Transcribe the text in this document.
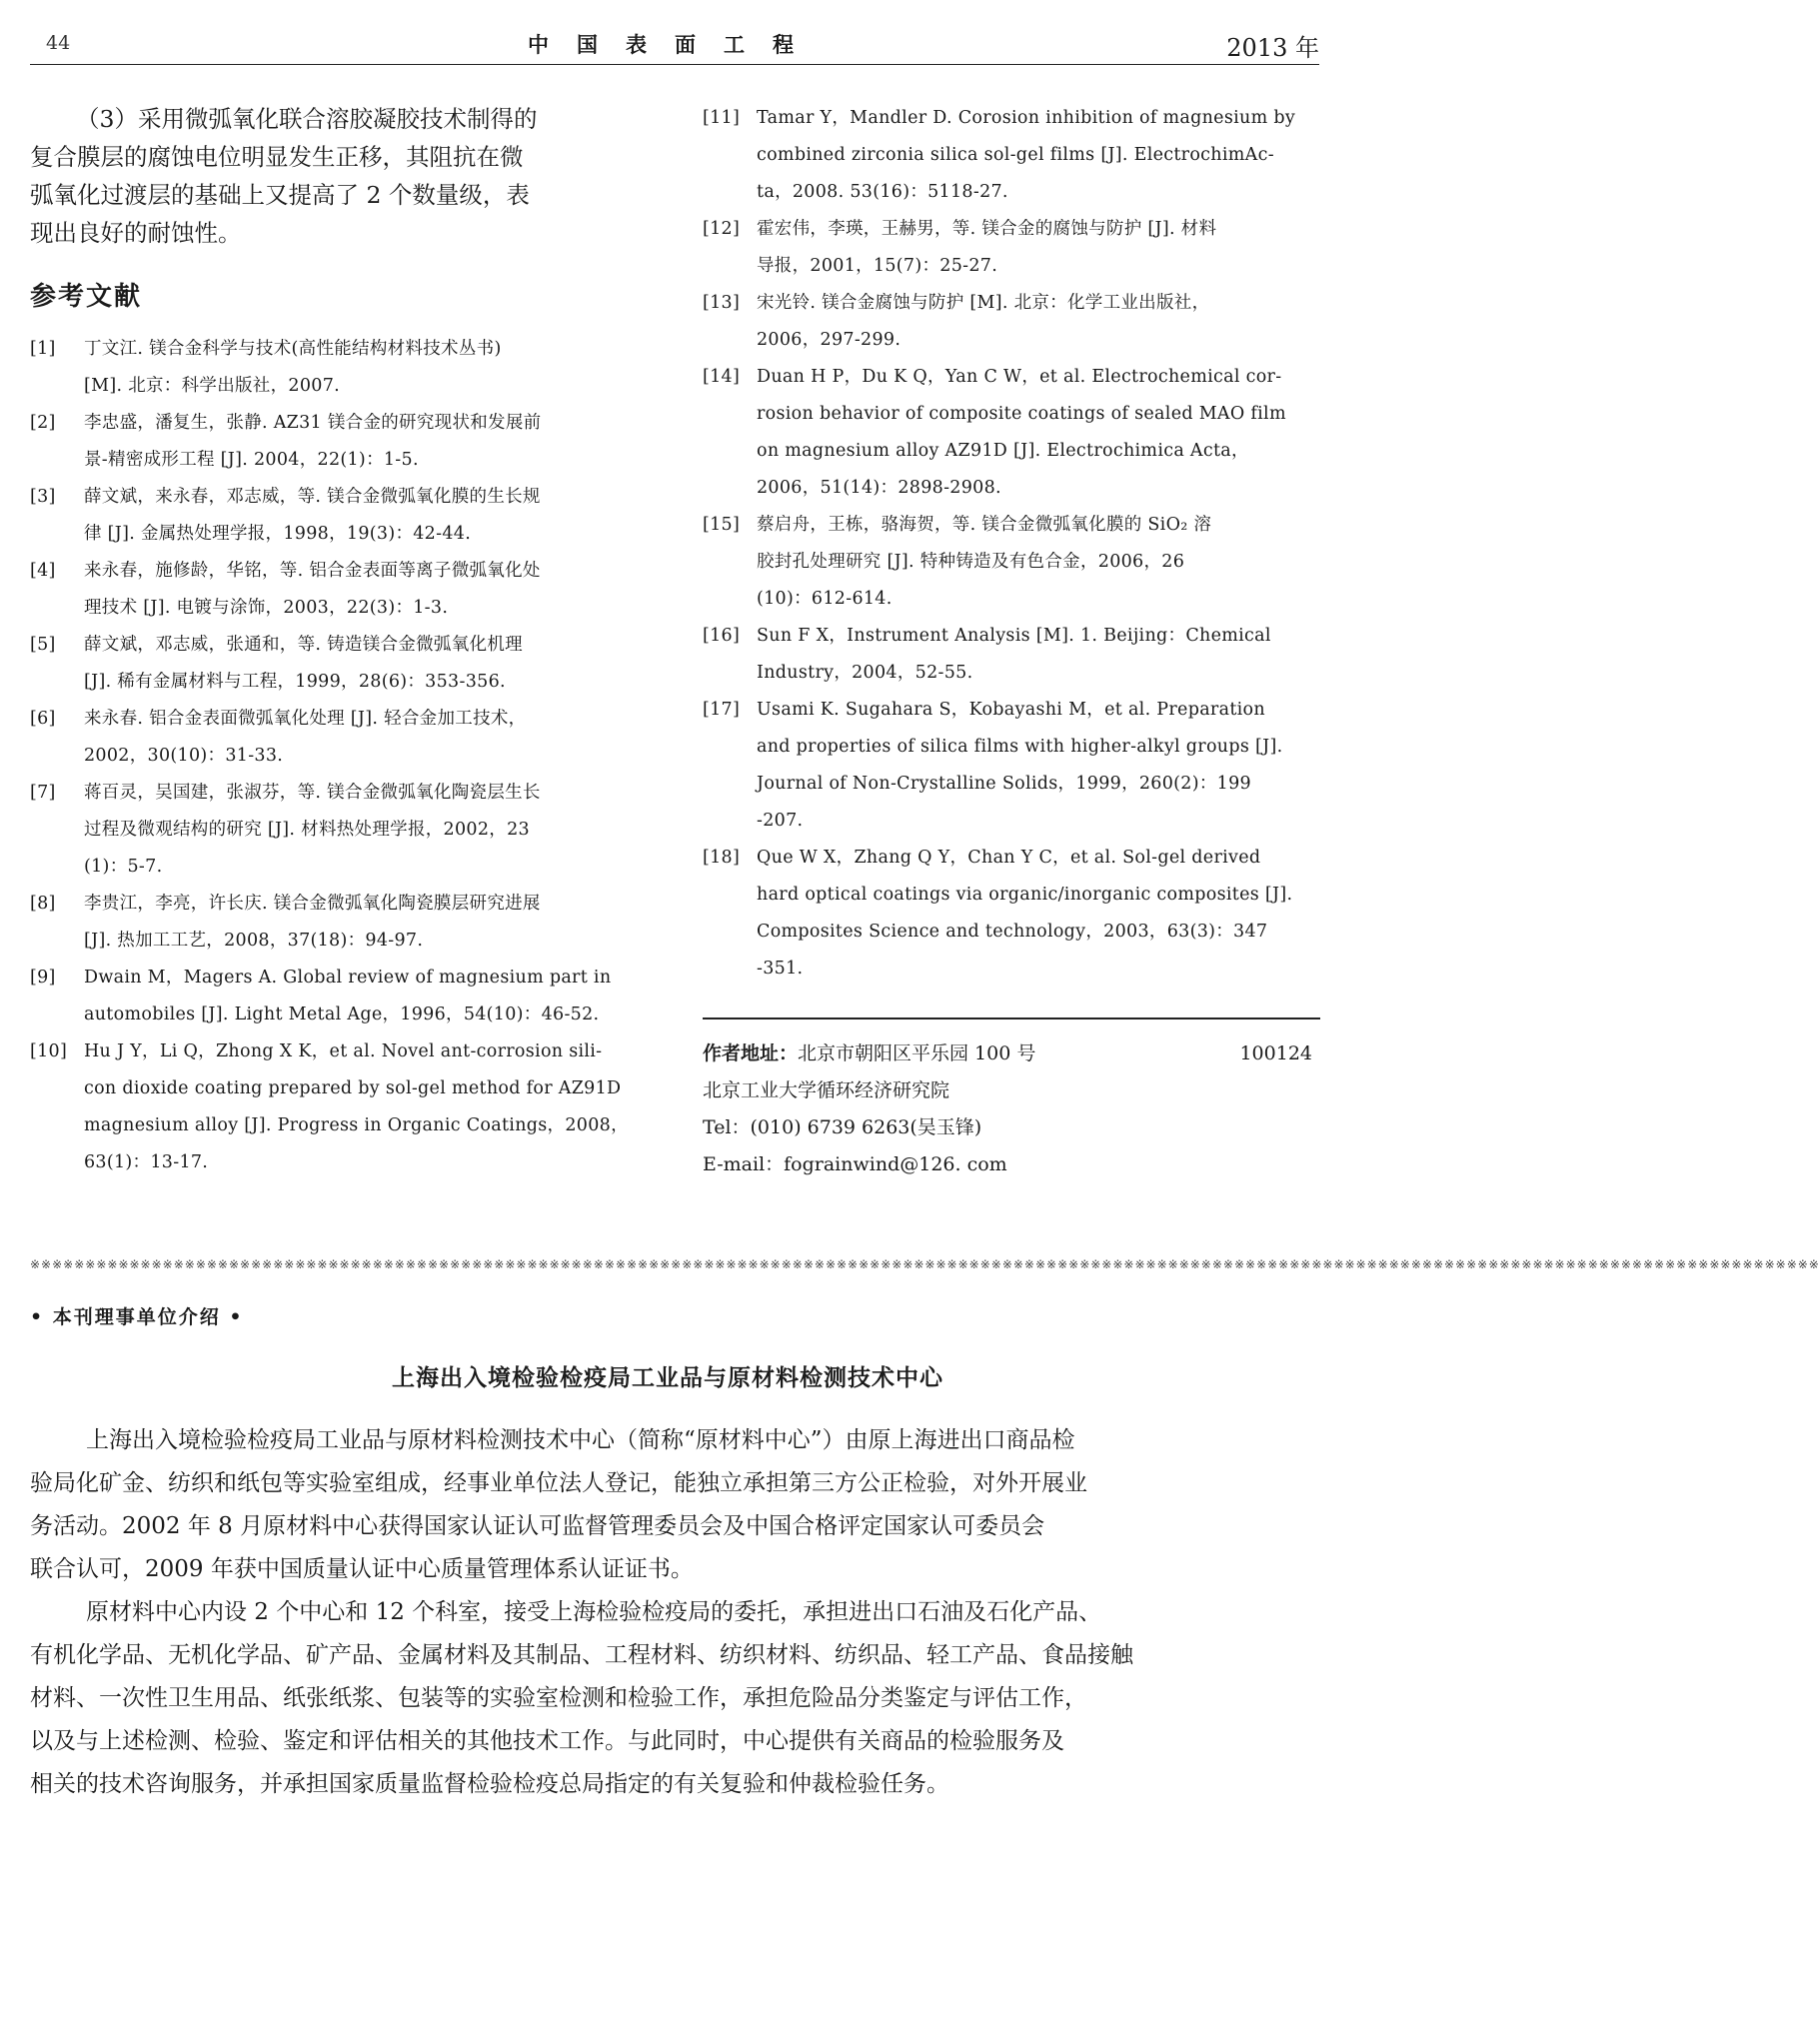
44	中国表面工程	2013 年
（3）采用微弧氧化联合溶胶凝胶技术制得的
复合膜层的腐蚀电位明显发生正移，其阻抗在微
弧氧化过渡层的基础上又提高了 2 个数量级，表
现出良好的耐蚀性。
参考文献
[1] 丁文江. 镁合金科学与技术(高性能结构材料技术丛书)
[M]. 北京：科学出版社，2007.
[2] 李忠盛，潘复生，张静. AZ31 镁合金的研究现状和发展前
景-精密成形工程 [J]. 2004，22(1)：1-5.
[3] 薛文斌，来永春，邓志威，等. 镁合金微弧氧化膜的生长规
律 [J]. 金属热处理学报，1998，19(3)：42-44.
[4] 来永春，施修龄，华铭，等. 铝合金表面等离子微弧氧化处
理技术 [J]. 电镀与涂饰，2003，22(3)：1-3.
[5] 薛文斌，邓志威，张通和，等. 铸造镁合金微弧氧化机理
[J]. 稀有金属材料与工程，1999，28(6)：353-356.
[6] 来永春. 铝合金表面微弧氧化处理 [J]. 轻合金加工技术，
2002，30(10)：31-33.
[7] 蒋百灵，吴国建，张淑芬，等. 镁合金微弧氧化陶瓷层生长
过程及微观结构的研究 [J]. 材料热处理学报，2002，23
(1)：5-7.
[8] 李贵江，李亮，许长庆. 镁合金微弧氧化陶瓷膜层研究进展
[J]. 热加工工艺，2008，37(18)：94-97.
[9] Dwain M，Magers A. Global review of magnesium part in
automobiles [J]. Light Metal Age，1996，54(10)：46-52.
[10] Hu J Y，Li Q，Zhong X K，et al. Novel ant-corrosion sili-
con dioxide coating prepared by sol-gel method for AZ91D
magnesium alloy [J]. Progress in Organic Coatings，2008，
63(1)：13-17.
[11] Tamar Y，Mandler D. Corosion inhibition of magnesium by
combined zirconia silica sol-gel films [J]. ElectrochimAc-
ta，2008. 53(16)：5118-27.
[12] 霍宏伟，李瑛，王赫男，等. 镁合金的腐蚀与防护 [J]. 材料
导报，2001，15(7)：25-27.
[13] 宋光铃. 镁合金腐蚀与防护 [M]. 北京：化学工业出版社，
2006，297-299.
[14] Duan H P，Du K Q，Yan C W，et al. Electrochemical cor-
rosion behavior of composite coatings of sealed MAO film
on magnesium alloy AZ91D [J]. Electrochimica Acta，
2006，51(14)：2898-2908.
[15] 蔡启舟，王栋，骆海贺，等. 镁合金微弧氧化膜的 SiO₂ 溶
胶封孔处理研究 [J]. 特种铸造及有色合金，2006，26
(10)：612-614.
[16] Sun F X，Instrument Analysis [M]. 1. Beijing：Chemical
Industry，2004，52-55.
[17] Usami K. Sugahara S，Kobayashi M，et al. Preparation
and properties of silica films with higher-alkyl groups [J].
Journal of Non-Crystalline Solids，1999，260(2)：199
-207.
[18] Que W X，Zhang Q Y，Chan Y C，et al. Sol-gel derived
hard optical coatings via organic/inorganic composites [J].
Composites Science and technology，2003，63(3)：347
-351.
作者地址：北京市朝阳区平乐园 100 号	100124
北京工业大学循环经济研究院
Tel：(010) 6739 6263(吴玉锋)
E-mail：fograinwind@126. com
※※※※※※※※※※※※※※※※※※※※※※※※※※※※※※※※※※※※※※※※※※※※※※※※※※※※※※※※※※※※※※※※※※※※※※※※※※※※※※※※※※※※※※※※※※※※※※※※※※※※※※※※※※※※※※※※※※※※※※※※※※※※※※※※※※※※※※※※※※※※※※※※※※※※※※※※※※※※※※※※※※
• 本刊理事单位介绍 •
上海出入境检验检疫局工业品与原材料检测技术中心
上海出入境检验检疫局工业品与原材料检测技术中心（简称“原材料中心”）由原上海进出口商品检
验局化矿金、纺织和纸包等实验室组成，经事业单位法人登记，能独立承担第三方公正检验，对外开展业
务活动。2002 年 8 月原材料中心获得国家认证认可监督管理委员会及中国合格评定国家认可委员会
联合认可，2009 年获中国质量认证中心质量管理体系认证证书。
原材料中心内设 2 个中心和 12 个科室，接受上海检验检疫局的委托，承担进出口石油及石化产品、
有机化学品、无机化学品、矿产品、金属材料及其制品、工程材料、纺织材料、纺织品、轻工产品、食品接触
材料、一次性卫生用品、纸张纸浆、包装等的实验室检测和检验工作，承担危险品分类鉴定与评估工作，
以及与上述检测、检验、鉴定和评估相关的其他技术工作。与此同时，中心提供有关商品的检验服务及
相关的技术咨询服务，并承担国家质量监督检验检疫总局指定的有关复验和仲裁检验任务。
